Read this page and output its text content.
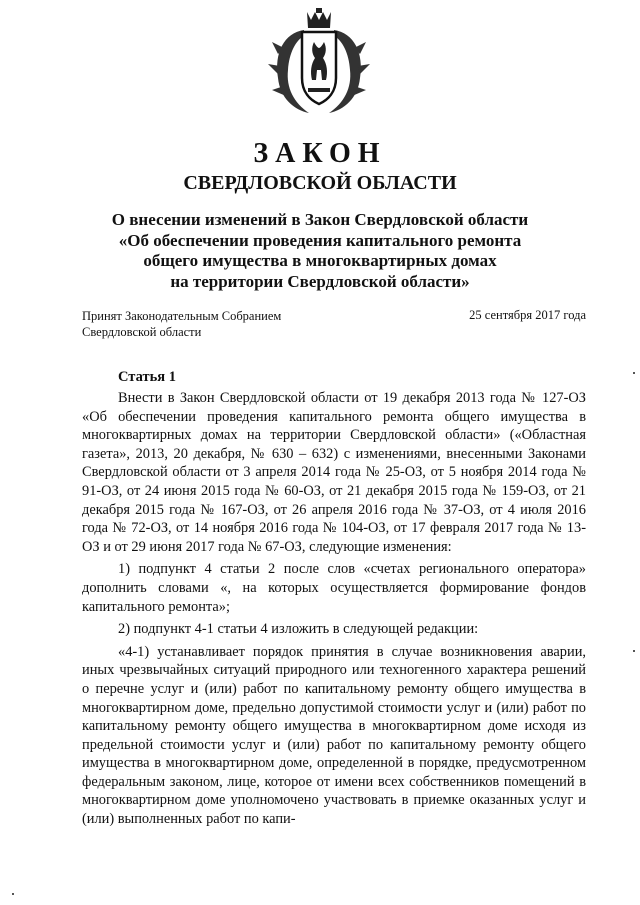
ЗАКОН
СВЕРДЛОВСКОЙ ОБЛАСТИ
О внесении изменений в Закон Свердловской области
«Об обеспечении проведения капитального ремонта
общего имущества в многоквартирных домах
на территории Свердловской области»
Принят Законодательным Собранием
Свердловской области
25 сентября 2017 года
Статья 1

Внести в Закон Свердловской области от 19 декабря 2013 года № 127-ОЗ «Об обеспечении проведения капитального ремонта общего имущества в многоквартирных домах на территории Свердловской области» («Областная газета», 2013, 20 декабря, № 630 – 632) с изменениями, внесенными Законами Свердловской области от 3 апреля 2014 года № 25-ОЗ, от 5 ноября 2014 года № 91-ОЗ, от 24 июня 2015 года № 60-ОЗ, от 21 декабря 2015 года № 159-ОЗ, от 21 декабря 2015 года № 167-ОЗ, от 26 апреля 2016 года № 37-ОЗ, от 4 июля 2016 года № 72-ОЗ, от 14 ноября 2016 года № 104-ОЗ, от 17 февраля 2017 года № 13-ОЗ и от 29 июня 2017 года № 67-ОЗ, следующие изменения:

1) подпункт 4 статьи 2 после слов «счетах регионального оператора» дополнить словами «, на которых осуществляется формирование фондов капитального ремонта»;

2) подпункт 4-1 статьи 4 изложить в следующей редакции:

«4-1) устанавливает порядок принятия в случае возникновения аварии, иных чрезвычайных ситуаций природного или техногенного характера решений о перечне услуг и (или) работ по капитальному ремонту общего имущества в многоквартирном доме, предельно допустимой стоимости услуг и (или) работ по капитальному ремонту общего имущества в многоквартирном доме исходя из предельной стоимости услуг и (или) работ по капитальному ремонту общего имущества в многоквартирном доме, определенной в порядке, предусмотренном федеральным законом, лице, которое от имени всех собственников помещений в многоквартирном доме уполномочено участвовать в приемке оказанных услуг и (или) выполненных работ по капи-
